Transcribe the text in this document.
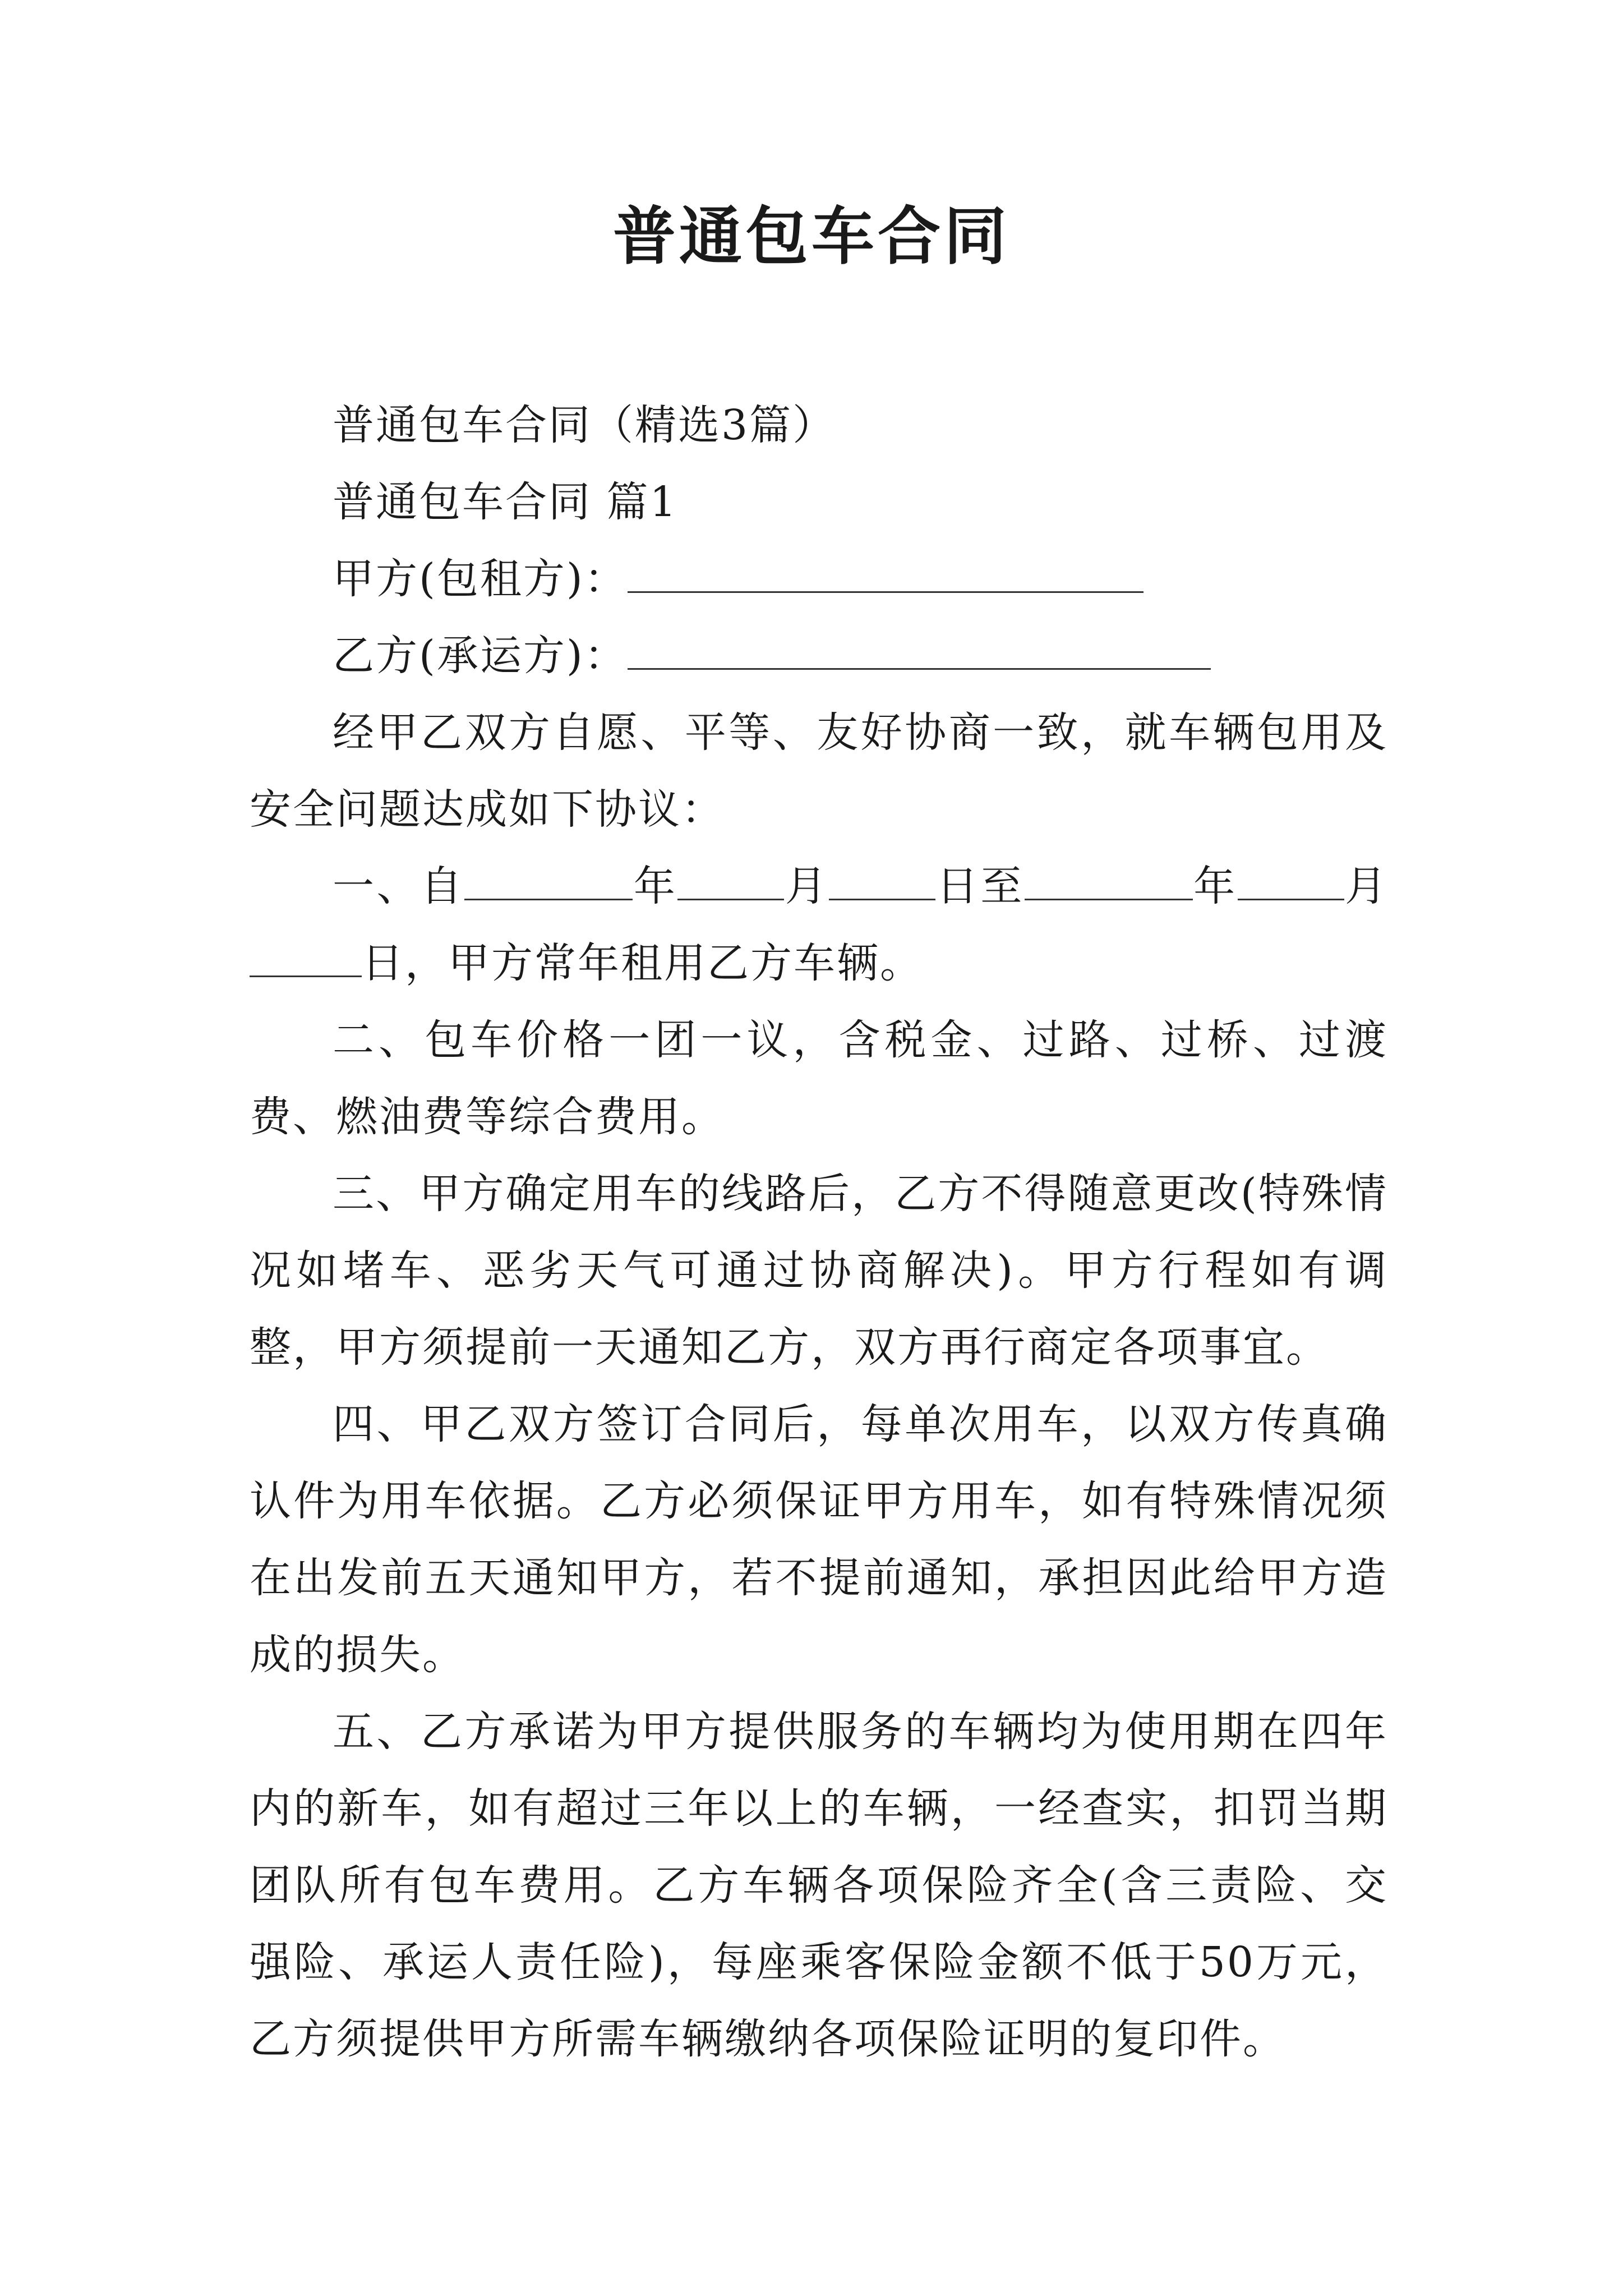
普通包车合同

普通包车合同（精选3篇）

普通包车合同 篇1

甲方(包租方)：

乙方(承运方)：

经甲乙双方自愿、平等、友好协商一致，就车辆包用及安全问题达成如下协议：

一、自	年	月	日至	年	月日，甲方常年租用乙方车辆。

二、包车价格一团一议，含税金、过路、过桥、过渡费、燃油费等综合费用。

三、甲方确定用车的线路后，乙方不得随意更改(特殊情况如堵车、恶劣天气可通过协商解决)。甲方行程如有调整，甲方须提前一天通知乙方，双方再行商定各项事宜。

四、甲乙双方签订合同后，每单次用车，以双方传真确认件为用车依据。乙方必须保证甲方用车，如有特殊情况须在出发前五天通知甲方，若不提前通知，承担因此给甲方造成的损失。

五、乙方承诺为甲方提供服务的车辆均为使用期在四年内的新车，如有超过三年以上的车辆，一经查实，扣罚当期团队所有包车费用。乙方车辆各项保险齐全(含三责险、交强险、承运人责任险)，每座乘客保险金额不低于50万元，乙方须提供甲方所需车辆缴纳各项保险证明的复印件。
